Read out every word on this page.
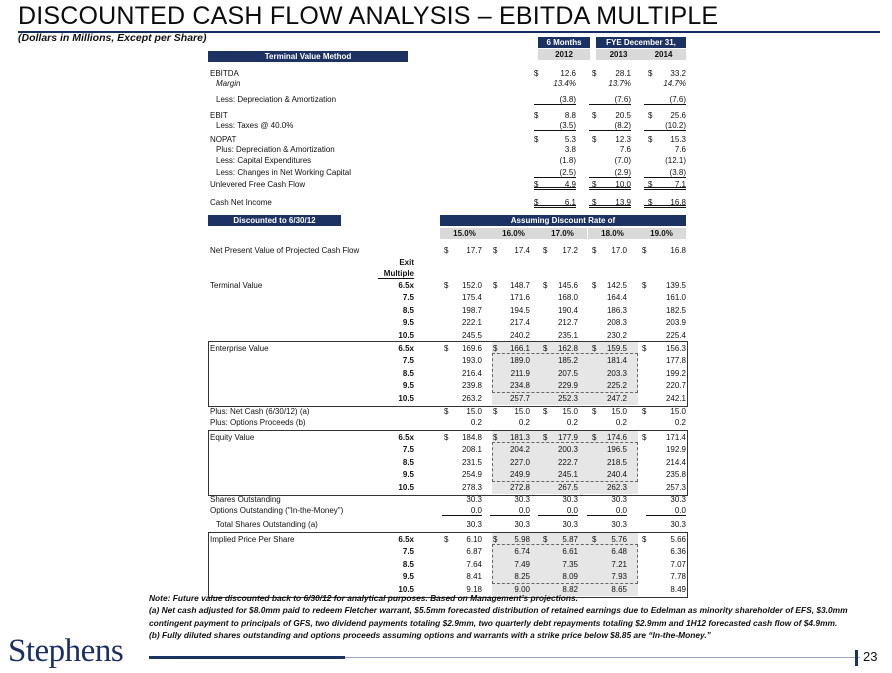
DISCOUNTED CASH FLOW ANALYSIS – EBITDA MULTIPLE
(Dollars in Millions, Except per Share)
Terminal Value Method
6 Months	FYE December 31,
2012	2013	2014
EBITDA	$	12.6 $	28.1 $	33.2
Margin	13.4%	13.7%	14.7%
Less: Depreciation & Amortization	(3.8)	(7.6)	(7.6)
EBIT	$	8.8 $	20.5 $	25.6
Less: Taxes @ 40.0%	(3.5)	(8.2)	(10.2)
NOPAT	$	5.3 $	12.3 $	15.3
Plus: Depreciation & Amortization	3.8	7.6	7.6
Less: Capital Expenditures	(1.8)	(7.0)	(12.1)
Less: Changes in Net Working Capital	(2.5)	(2.9)	(3.8)
Unlevered Free Cash Flow	$	4.9 $	10.0 $	7.1
Cash Net Income	$	6.1 $	13.9 $	16.8
Discounted to 6/30/12	Assuming Discount Rate of
15.0%	16.0%	17.0%	18.0%	19.0%
Net Present Value of Projected Cash Flow	$	17.7 $	17.4 $	17.2 $	17.0 $	16.8
Exit
Multiple
Terminal Value	6.5x	$	152.0 $	148.7 $	145.6 $	142.5 $	139.5
7.5	175.4	171.6	168.0	164.4	161.0
8.5	198.7	194.5	190.4	186.3	182.5
9.5	222.1	217.4	212.7	208.3	203.9
10.5	245.5	240.2	235.1	230.2	225.4
Enterprise Value	6.5x	$	169.6 $	166.1 $	162.8 $	159.5 $	156.3
7.5	193.0	189.0	185.2	181.4	177.8
8.5	216.4	211.9	207.5	203.3	199.2
9.5	239.8	234.8	229.9	225.2	220.7
10.5	263.2	257.7	252.3	247.2	242.1
Plus: Net Cash (6/30/12) (a)	$	15.0 $	15.0 $	15.0 $	15.0 $	15.0
Plus: Options Proceeds (b)	0.2	0.2	0.2	0.2	0.2
Equity Value	6.5x	$	184.8 $	181.3 $	177.9 $	174.6 $	171.4
7.5	208.1	204.2	200.3	196.5	192.9
8.5	231.5	227.0	222.7	218.5	214.4
9.5	254.9	249.9	245.1	240.4	235.8
10.5	278.3	272.8	267.5	262.3	257.3
Shares Outstanding	30.3	30.3	30.3	30.3	30.3
Options Outstanding ("In-the-Money")	0.0	0.0	0.0	0.0	0.0
Total Shares Outstanding (a)	30.3	30.3	30.3	30.3	30.3
Implied Price Per Share	6.5x	$	6.10 $	5.98 $	5.87 $	5.76 $	5.66
7.5	6.87	6.74	6.61	6.48	6.36
8.5	7.64	7.49	7.35	7.21	7.07
9.5	8.41	8.25	8.09	7.93	7.78
10.5	9.18	9.00	8.82	8.65	8.49
Note: Future value discounted back to 6/30/12 for analytical purposes. Based on Management’s projections.
(a) Net cash adjusted for $8.0mm paid to redeem Fletcher warrant, $5.5mm forecasted distribution of retained earnings due to Edelman as minority shareholder of EFS, $3.0mm contingent payment to principals of GFS, two dividend payments totaling $2.9mm, two quarterly debt repayments totaling $2.9mm and 1H12 forecasted cash flow of $4.9mm.
(b) Fully diluted shares outstanding and options proceeds assuming options and warrants with a strike price below $8.85 are “In-the-Money.”
Stephens	23
